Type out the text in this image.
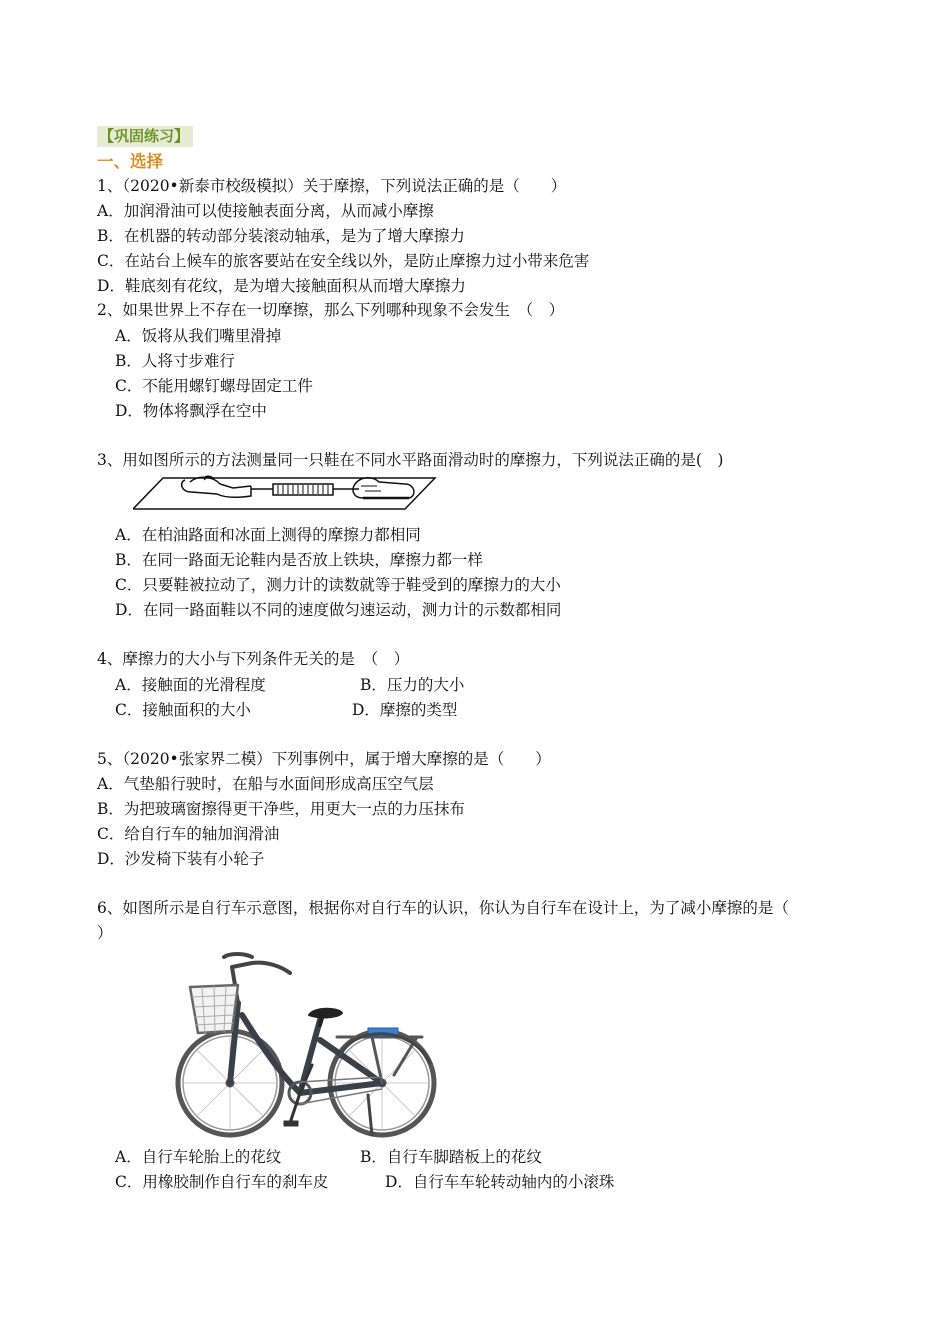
【巩固练习】
一、选择
1、（2020•新泰市校级模拟）关于摩擦，下列说法正确的是（　　）
A．加润滑油可以使接触表面分离，从而减小摩擦
B．在机器的转动部分装滚动轴承，是为了增大摩擦力
C．在站台上候车的旅客要站在安全线以外，是防止摩擦力过小带来危害
D．鞋底刻有花纹，是为增大接触面积从而增大摩擦力
2、如果世界上不存在一切摩擦，那么下列哪种现象不会发生　（　）
A．饭将从我们嘴里滑掉
B．人将寸步难行
C．不能用螺钉螺母固定工件
D．物体将飘浮在空中
3、用如图所示的方法测量同一只鞋在不同水平路面滑动时的摩擦力，下列说法正确的是(　)
A．在柏油路面和冰面上测得的摩擦力都相同
B．在同一路面无论鞋内是否放上铁块，摩擦力都一样
C．只要鞋被拉动了，测力计的读数就等于鞋受到的摩擦力的大小
D．在同一路面鞋以不同的速度做匀速运动，测力计的示数都相同
4、摩擦力的大小与下列条件无关的是　（　）
A．接触面的光滑程度	B．压力的大小
C．接触面积的大小	D．摩擦的类型
5、（2020•张家界二模）下列事例中，属于增大摩擦的是（　　）
A．气垫船行驶时，在船与水面间形成高压空气层
B．为把玻璃窗擦得更干净些，用更大一点的力压抹布
C．给自行车的轴加润滑油
D．沙发椅下装有小轮子
6、如图所示是自行车示意图，根据你对自行车的认识，你认为自行车在设计上，为了减小摩擦的是（
）
A．自行车轮胎上的花纹	B．自行车脚踏板上的花纹
C．用橡胶制作自行车的刹车皮	D．自行车车轮转动轴内的小滚珠
